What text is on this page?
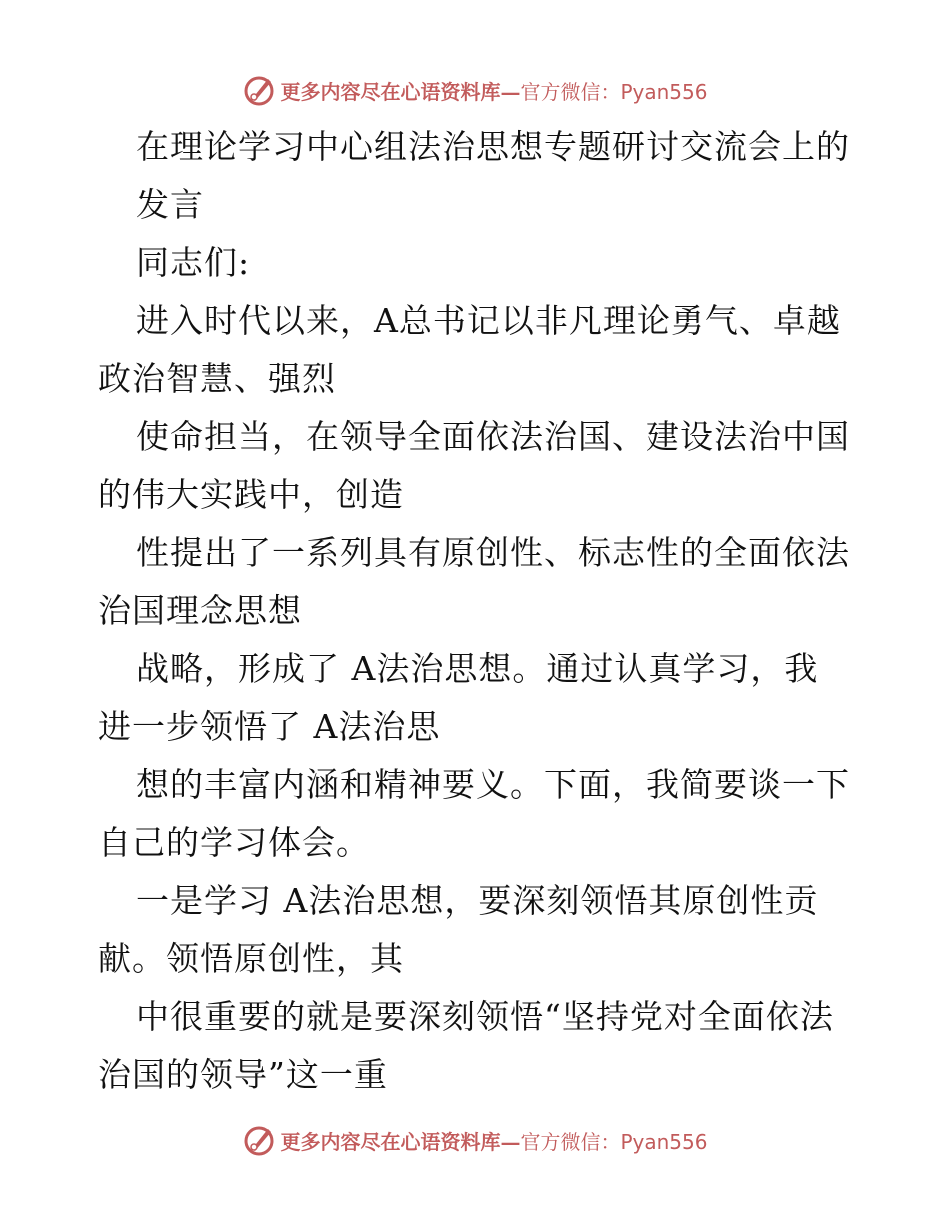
更多内容尽在心语资料库— 官方微信：Pyan556
在理论学习中心组法治思想专题研讨交流会上的
发言
同志们:
进入时代以来，A总书记以非凡理论勇气、卓越
政治智慧、强烈
使命担当，在领导全面依法治国、建设法治中国
的伟大实践中，创造
性提出了一系列具有原创性、标志性的全面依法
治国理念思想
战略，形成了 A法治思想。通过认真学习，我
进一步领悟了 A法治思
想的丰富内涵和精神要义。下面，我简要谈一下
自己的学习体会。
一是学习 A法治思想，要深刻领悟其原创性贡
献。领悟原创性，其
中很重要的就是要深刻领悟“坚持党对全面依法
治国的领导”这一重
更多内容尽在心语资料库— 官方微信：Pyan556
